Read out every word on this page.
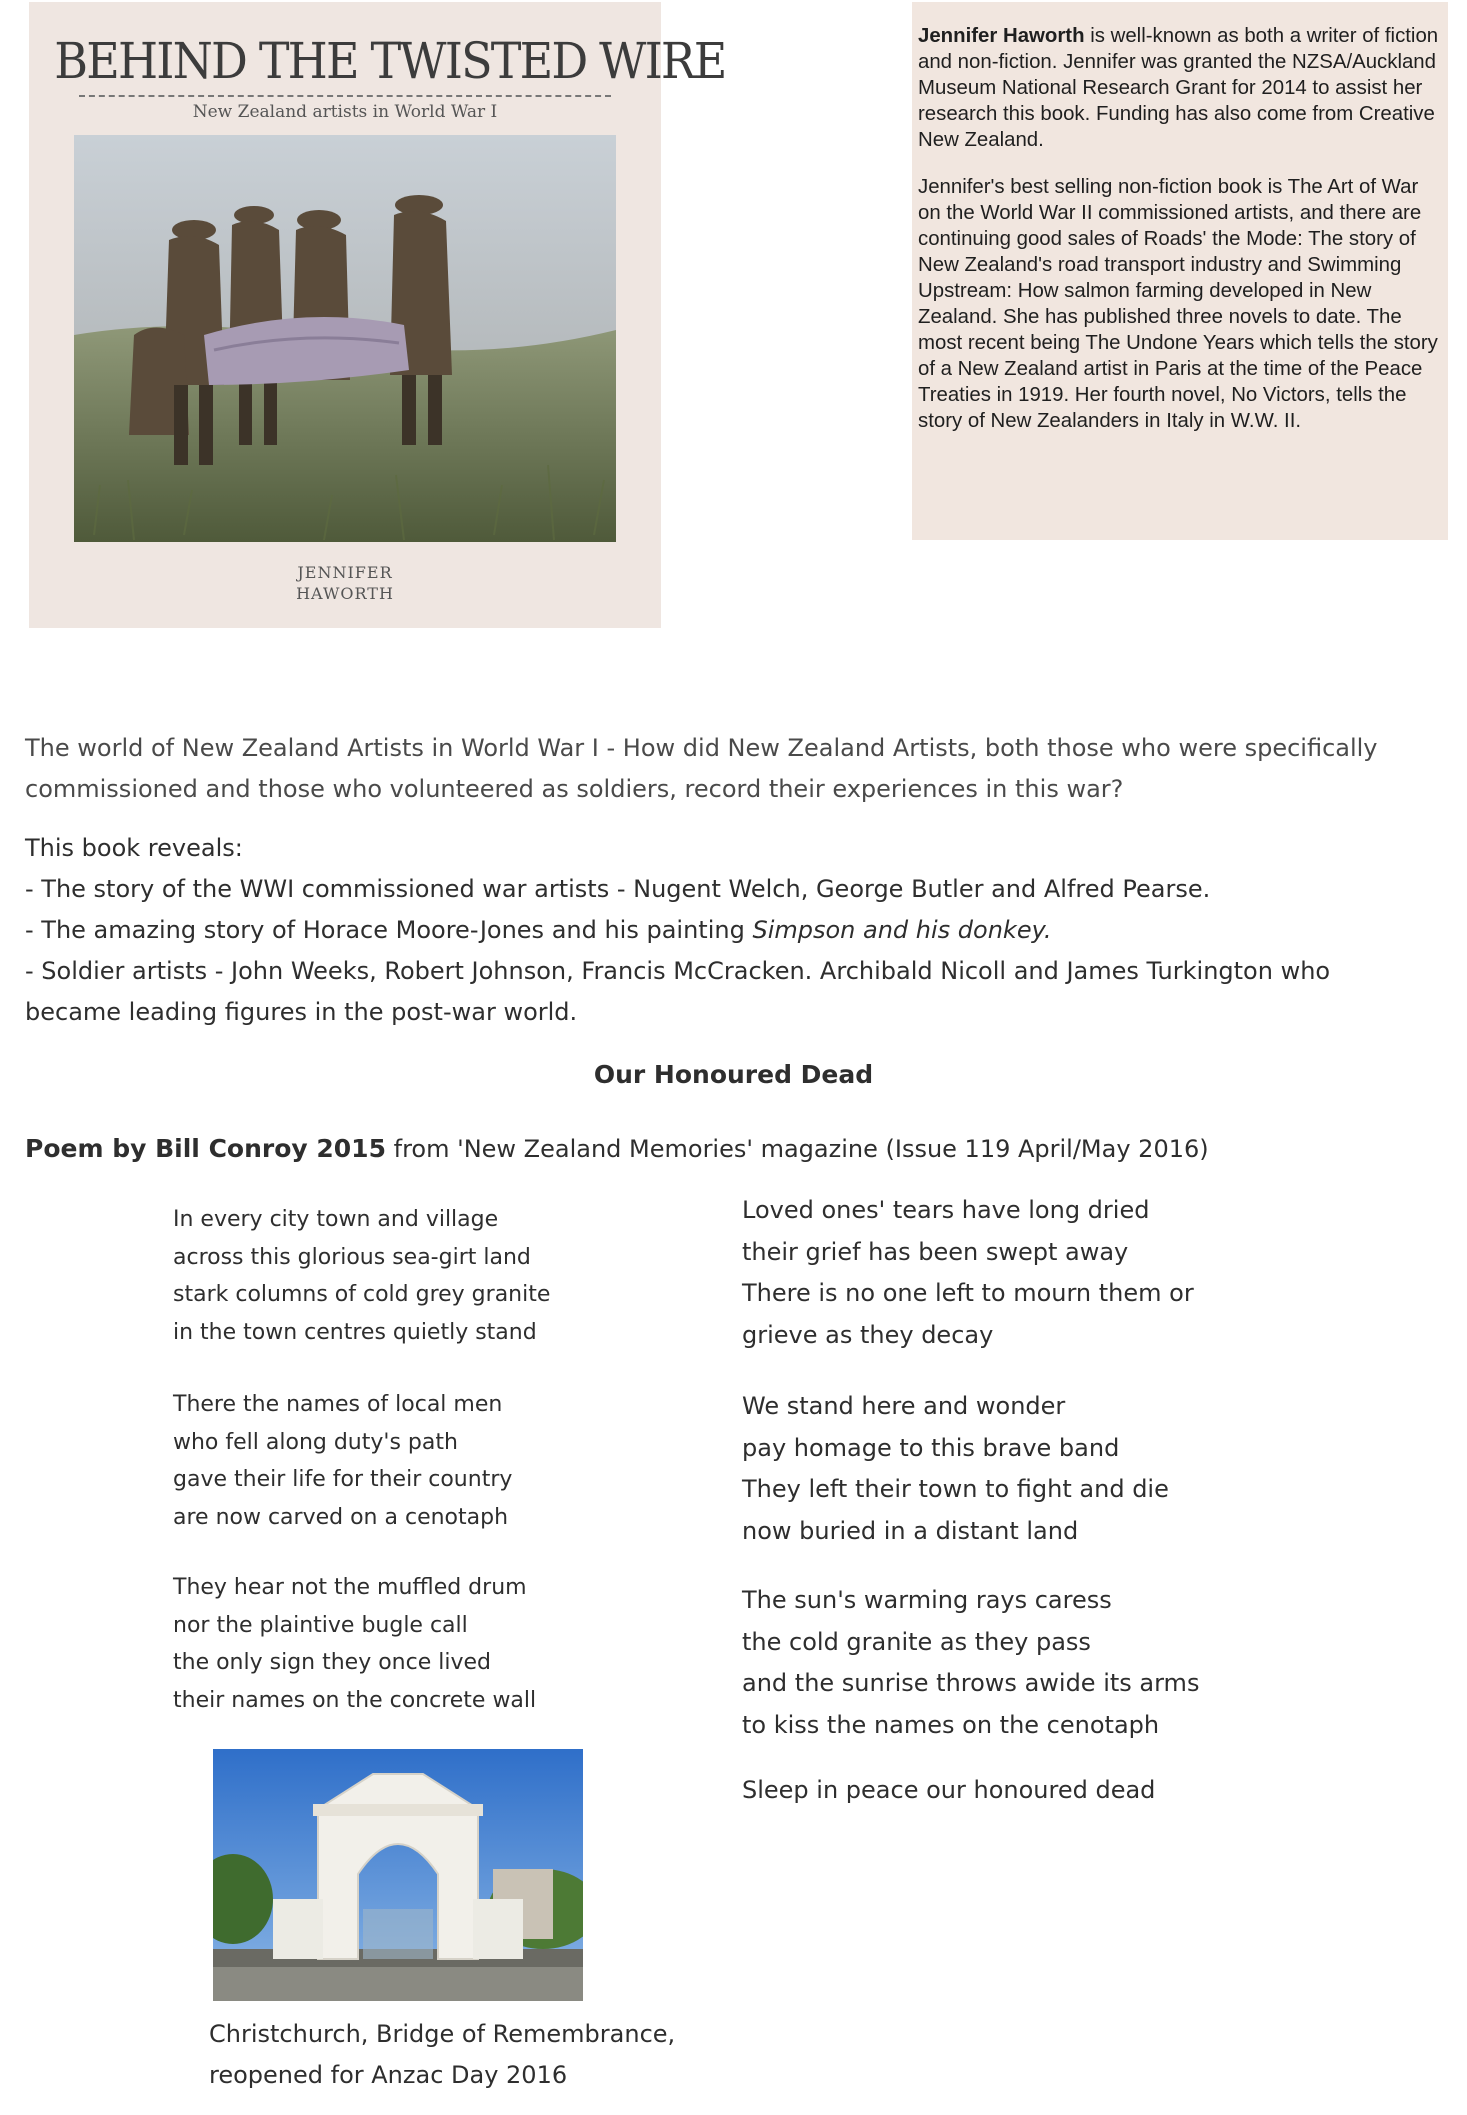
BEHIND THE TWISTED WIRE
New Zealand artists in World War I
JENNIFER
HAWORTH

Jennifer Haworth is well-known as both a writer of fiction and non-fiction. Jennifer was granted the NZSA/Auckland Museum National Research Grant for 2014 to assist her research this book. Funding has also come from Creative New Zealand.

Jennifer's best selling non-fiction book is The Art of War on the World War II commissioned artists, and there are continuing good sales of Roads' the Mode: The story of New Zealand's road transport industry and Swimming Upstream: How salmon farming developed in New Zealand. She has published three novels to date. The most recent being The Undone Years which tells the story of a New Zealand artist in Paris at the time of the Peace Treaties in 1919. Her fourth novel, No Victors, tells the story of New Zealanders in Italy in W.W. II.

The world of New Zealand Artists in World War I - How did New Zealand Artists, both those who were specifically
commissioned and those who volunteered as soldiers, record their experiences in this war?
This book reveals:
- The story of the WWI commissioned war artists - Nugent Welch, George Butler and Alfred Pearse.
- The amazing story of Horace Moore-Jones and his painting Simpson and his donkey.
- Soldier artists - John Weeks, Robert Johnson, Francis McCracken. Archibald Nicoll and James Turkington who
became leading figures in the post-war world.
Our Honoured Dead
Poem by Bill Conroy 2015 from 'New Zealand Memories' magazine (Issue 119 April/May 2016)
In every city town and village
across this glorious sea-girt land
stark columns of cold grey granite
in the town centres quietly stand
There the names of local men
who fell along duty's path
gave their life for their country
are now carved on a cenotaph
They hear not the muffled drum
nor the plaintive bugle call
the only sign they once lived
their names on the concrete wall
Loved ones' tears have long dried
their grief has been swept away
There is no one left to mourn them or
grieve as they decay
We stand here and wonder
pay homage to this brave band
They left their town to fight and die
now buried in a distant land
The sun's warming rays caress
the cold granite as they pass
and the sunrise throws awide its arms
to kiss the names on the cenotaph
Sleep in peace our honoured dead
Christchurch, Bridge of Remembrance,
reopened for Anzac Day 2016
